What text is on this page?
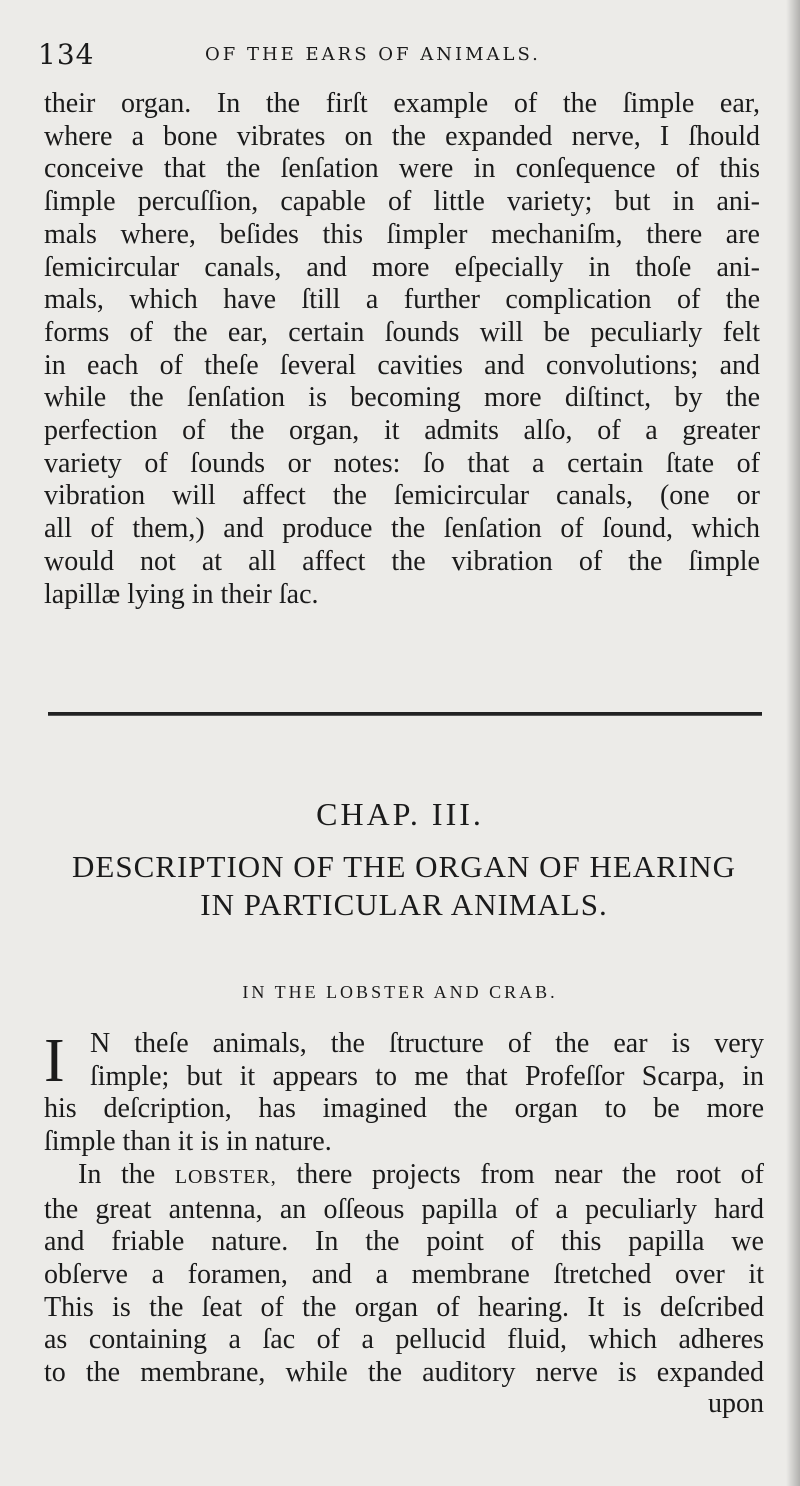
134	OF THE EARS OF ANIMALS.
their organ. In the firſt example of the ſimple ear,
where a bone vibrates on the expanded nerve, I ſhould
conceive that the ſenſation were in conſequence of this
ſimple percuſſion, capable of little variety; but in ani-
mals where, beſides this ſimpler mechaniſm, there are
ſemicircular canals, and more eſpecially in thoſe ani-
mals, which have ſtill a further complication of the
forms of the ear, certain ſounds will be peculiarly felt
in each of theſe ſeveral cavities and convolutions; and
while the ſenſation is becoming more diſtinct, by the
perfection of the organ, it admits alſo, of a greater
variety of ſounds or notes: ſo that a certain ſtate of
vibration will affect the ſemicircular canals, (one or
all of them,) and produce the ſenſation of ſound, which
would not at all affect the vibration of the ſimple
lapillæ lying in their ſac.
CHAP. III.
DESCRIPTION OF THE ORGAN OF HEARING
IN PARTICULAR ANIMALS.
IN THE LOBSTER AND CRAB.
I N theſe animals, the ſtructure of the ear is very
ſimple; but it appears to me that Profeſſor Scarpa, in
his deſcription, has imagined the organ to be more
ſimple than it is in nature.
In the LOBSTER, there projects from near the root of
the great antenna, an oſſeous papilla of a peculiarly hard
and friable nature. In the point of this papilla we
obſerve a foramen, and a membrane ſtretched over it
This is the ſeat of the organ of hearing. It is deſcribed
as containing a ſac of a pellucid fluid, which adheres
to the membrane, while the auditory nerve is expanded
upon
